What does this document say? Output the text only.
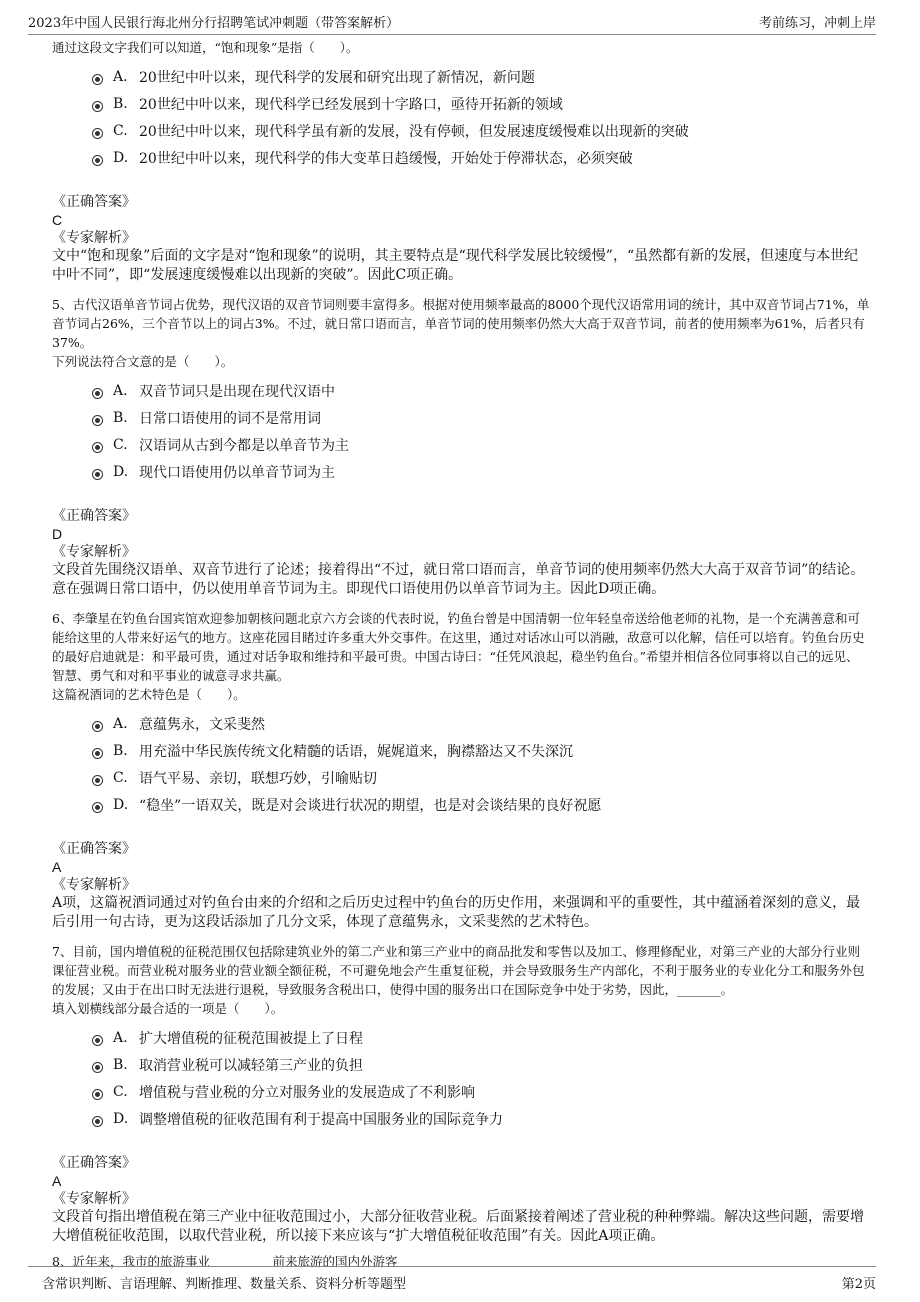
2023年中国人民银行海北州分行招聘笔试冲刺题（带答案解析）	考前练习，冲刺上岸

通过这段文字我们可以知道，“饱和现象”是指（　　）。

A. 20世纪中叶以来，现代科学的发展和研究出现了新情况，新问题
B. 20世纪中叶以来，现代科学已经发展到十字路口，亟待开拓新的领域
C. 20世纪中叶以来，现代科学虽有新的发展，没有停顿，但发展速度缓慢难以出现新的突破
D. 20世纪中叶以来，现代科学的伟大变革日趋缓慢，开始处于停滞状态，必须突破
《正确答案》
C
《专家解析》

文中“饱和现象”后面的文字是对“饱和现象”的说明，其主要特点是“现代科学发展比较缓慢”，“虽然都有新的发展，但速度与本世纪中叶不同”，即“发展速度缓慢难以出现新的突破”。因此C项正确。

5、古代汉语单音节词占优势，现代汉语的双音节词则要丰富得多。根据对使用频率最高的8000个现代汉语常用词的统计，其中双音节词占71%，单音节词占26%，三个音节以上的词占3%。不过，就日常口语而言，单音节词的使用频率仍然大大高于双音节词，前者的使用频率为61%，后者只有37%。

下列说法符合文意的是（　　）。

A. 双音节词只是出现在现代汉语中
B. 日常口语使用的词不是常用词
C. 汉语词从古到今都是以单音节为主
D. 现代口语使用仍以单音节词为主
《正确答案》
D
《专家解析》

文段首先围绕汉语单、双音节进行了论述；接着得出“不过，就日常口语而言，单音节词的使用频率仍然大大高于双音节词”的结论。意在强调日常口语中，仍以使用单音节词为主。即现代口语使用仍以单音节词为主。因此D项正确。

6、李肇星在钓鱼台国宾馆欢迎参加朝核问题北京六方会谈的代表时说，钓鱼台曾是中国清朝一位年轻皇帝送给他老师的礼物，是一个充满善意和可能给这里的人带来好运气的地方。这座花园目睹过许多重大外交事件。在这里，通过对话冰山可以消融，敌意可以化解，信任可以培育。钓鱼台历史的最好启迪就是：和平最可贵，通过对话争取和维持和平最可贵。中国古诗曰：“任凭风浪起，稳坐钓鱼台。”希望并相信各位同事将以自己的远见、智慧、勇气和对和平事业的诚意寻求共赢。

这篇祝酒词的艺术特色是（　　）。

A. 意蕴隽永，文采斐然
B. 用充溢中华民族传统文化精髓的话语，娓娓道来，胸襟豁达又不失深沉
C. 语气平易、亲切，联想巧妙，引喻贴切
D. “稳坐”一语双关，既是对会谈进行状况的期望，也是对会谈结果的良好祝愿
《正确答案》
A
《专家解析》

A项，这篇祝酒词通过对钓鱼台由来的介绍和之后历史过程中钓鱼台的历史作用，来强调和平的重要性，其中蕴涵着深刻的意义，最后引用一句古诗，更为这段话添加了几分文采，体现了意蕴隽永，文采斐然的艺术特色。

7、目前，国内增值税的征税范围仅包括除建筑业外的第二产业和第三产业中的商品批发和零售以及加工、修理修配业，对第三产业的大部分行业则课征营业税。而营业税对服务业的营业额全额征税，不可避免地会产生重复征税，并会导致服务生产内部化，不利于服务业的专业化分工和服务外包的发展；又由于在出口时无法进行退税，导致服务含税出口，使得中国的服务出口在国际竞争中处于劣势，因此，_______。

填入划横线部分最合适的一项是（　　）。

A. 扩大增值税的征税范围被提上了日程
B. 取消营业税可以减轻第三产业的负担
C. 增值税与营业税的分立对服务业的发展造成了不利影响
D. 调整增值税的征收范围有利于提高中国服务业的国际竞争力
《正确答案》
A
《专家解析》

文段首句指出增值税在第三产业中征收范围过小，大部分征收营业税。后面紧接着阐述了营业税的种种弊端。解决这些问题，需要增大增值税征收范围，以取代营业税，所以接下来应该与“扩大增值税征收范围”有关。因此A项正确。

8、近年来，我市的旅游事业　　　　　前来旅游的国内外游客
含常识判断、言语理解、判断推理、数量关系、资料分析等题型	第2页
